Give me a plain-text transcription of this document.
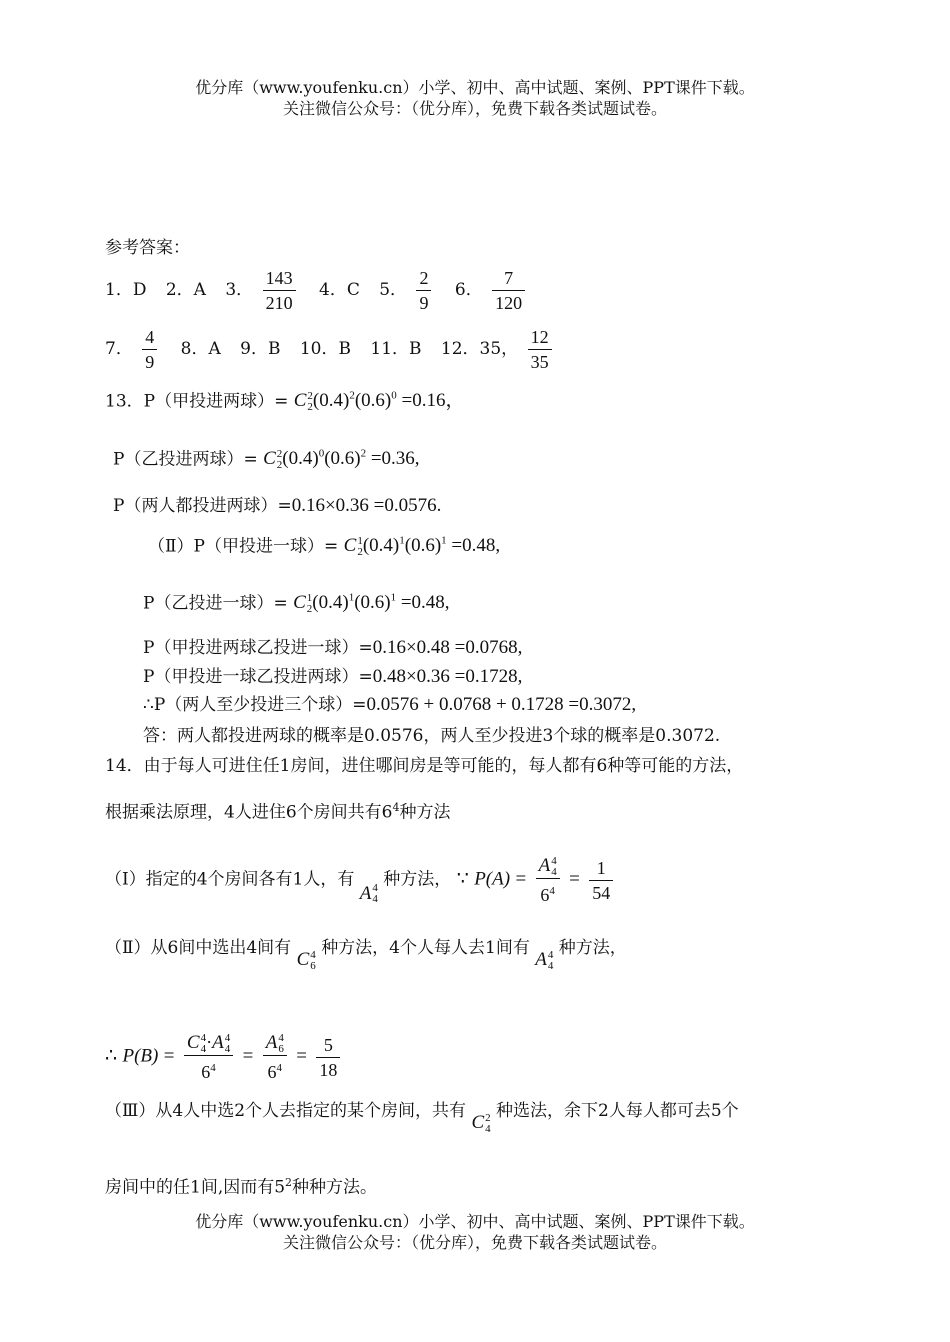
优分库（www.youfenku.cn）小学、初中、高中试题、案例、PPT课件下载。
关注微信公众号：（优分库），免费下载各类试题试卷。
参考答案：
1．D 2．A 3． $\frac{143}{210} 4$．C 5． $\frac{2}{9} 6$． $\frac{7}{120}$
7． $\frac{4}{9} 8$．A 9．B 10．B 11．B 12．35， $\frac{12}{35}$
13．P（甲投进两球）= C 2
2 $(0.4)^2(0.6)^0 =0.16$，
P（乙投进两球）= C 2
2 $(0.4)^0(0.6)^2 =0.36$,
P（两人都投进两球）=0.16×0.36 =0.0576.
（Ⅱ）P（甲投进一球）= C 1
2 $(0.4)^1(0.6)^1 =0.48$,
P（乙投进一球）= C 1
2 $(0.4)^1(0.6)^1 =0.48$,
P（甲投进两球乙投进一球）=0.16×0.48 =0.0768,
P（甲投进一球乙投进两球）=0.48×0.36 =0.1728,
∴P（两人至少投进三个球）=0.0576 + 0.0768 + 0.1728 =0.3072,
答：两人都投进两球的概率是0.0576，两人至少投进3个球的概率是0.3072.
14．由于每人可进住任1房间，进住哪间房是等可能的，每人都有6种等可能的方法，
根据乘法原理，4人进住6个房间共有$6^4$种方法
（Ⅰ）指定的4个房间各有1人，有 A 4
4
种方法， ∵ P(A) = A 4
4
$6^4 = \frac{1}{54}$
（Ⅱ）从6间中选出4间有 C 4
6
种方法，4个人每人去1间有 A 4
4
种方法，
∴ P(B) = C 4
4 ·A 4
4
$6^4 = A$ 4
6
$6^4 = \frac{5}{18}$
（Ⅲ）从4人中选2个人去指定的某个房间，共有 C 2
4
种选法，余下2人每人都可去5个
房间中的任1间,因而有$5^2$种种方法。
优分库（www.youfenku.cn）小学、初中、高中试题、案例、PPT课件下载。
关注微信公众号：（优分库），免费下载各类试题试卷。
